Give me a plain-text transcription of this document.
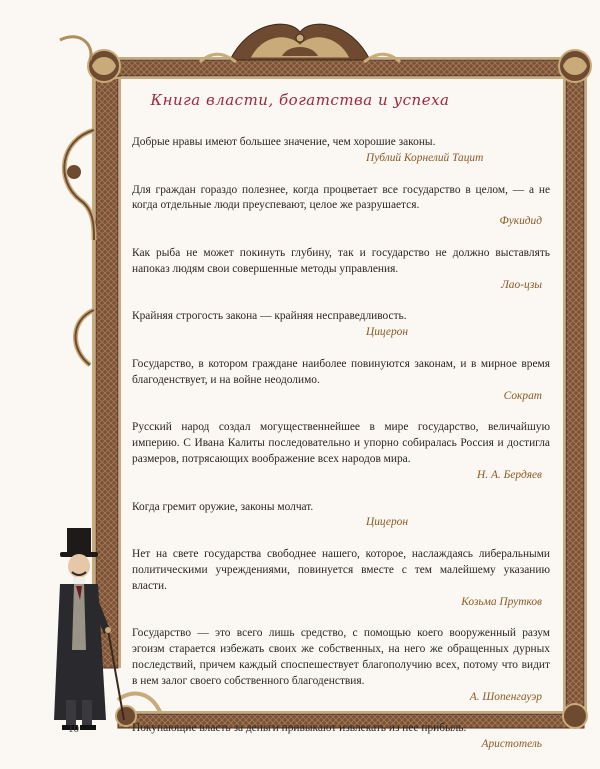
Книга власти, богатства и успеха
Добрые нравы имеют большее значение, чем хорошие законы.
Публий Корнелий Тацит
Для граждан гораздо полезнее, когда процветает все государство в целом, — а не когда отдельные люди преуспевают, целое же разрушается.
Фукидид
Как рыба не может покинуть глубину, так и государство не должно выставлять напоказ людям свои совершенные методы управления.
Лао-цзы
Крайняя строгость закона — крайняя несправедливость.
Цицерон
Государство, в котором граждане наиболее повинуются законам, и в мирное время благоденствует, и на войне неодолимо.
Сократ
Русский народ создал могущественнейшее в мире государство, величайшую империю. С Ивана Калиты последовательно и упорно собиралась Россия и достигла размеров, потрясающих воображение всех народов мира.
Н. А. Бердяев
Когда гремит оружие, законы молчат.
Цицерон
Нет на свете государства свободнее нашего, которое, наслаждаясь либеральными политическими учреждениями, повинуется вместе с тем малейшему указанию власти.
Козьма Прутков
Государство — это всего лишь средство, с помощью коего вооруженный разум эгоизм старается избежать своих же собственных, на него же обращенных дурных последствий, причем каждый споспешествует благополучию всех, потому что видит в нем залог своего собственного благоденствия.
А. Шопенгауэр
Покупающие власть за деньги привыкают извлекать из нее прибыль.
Аристотель
10
